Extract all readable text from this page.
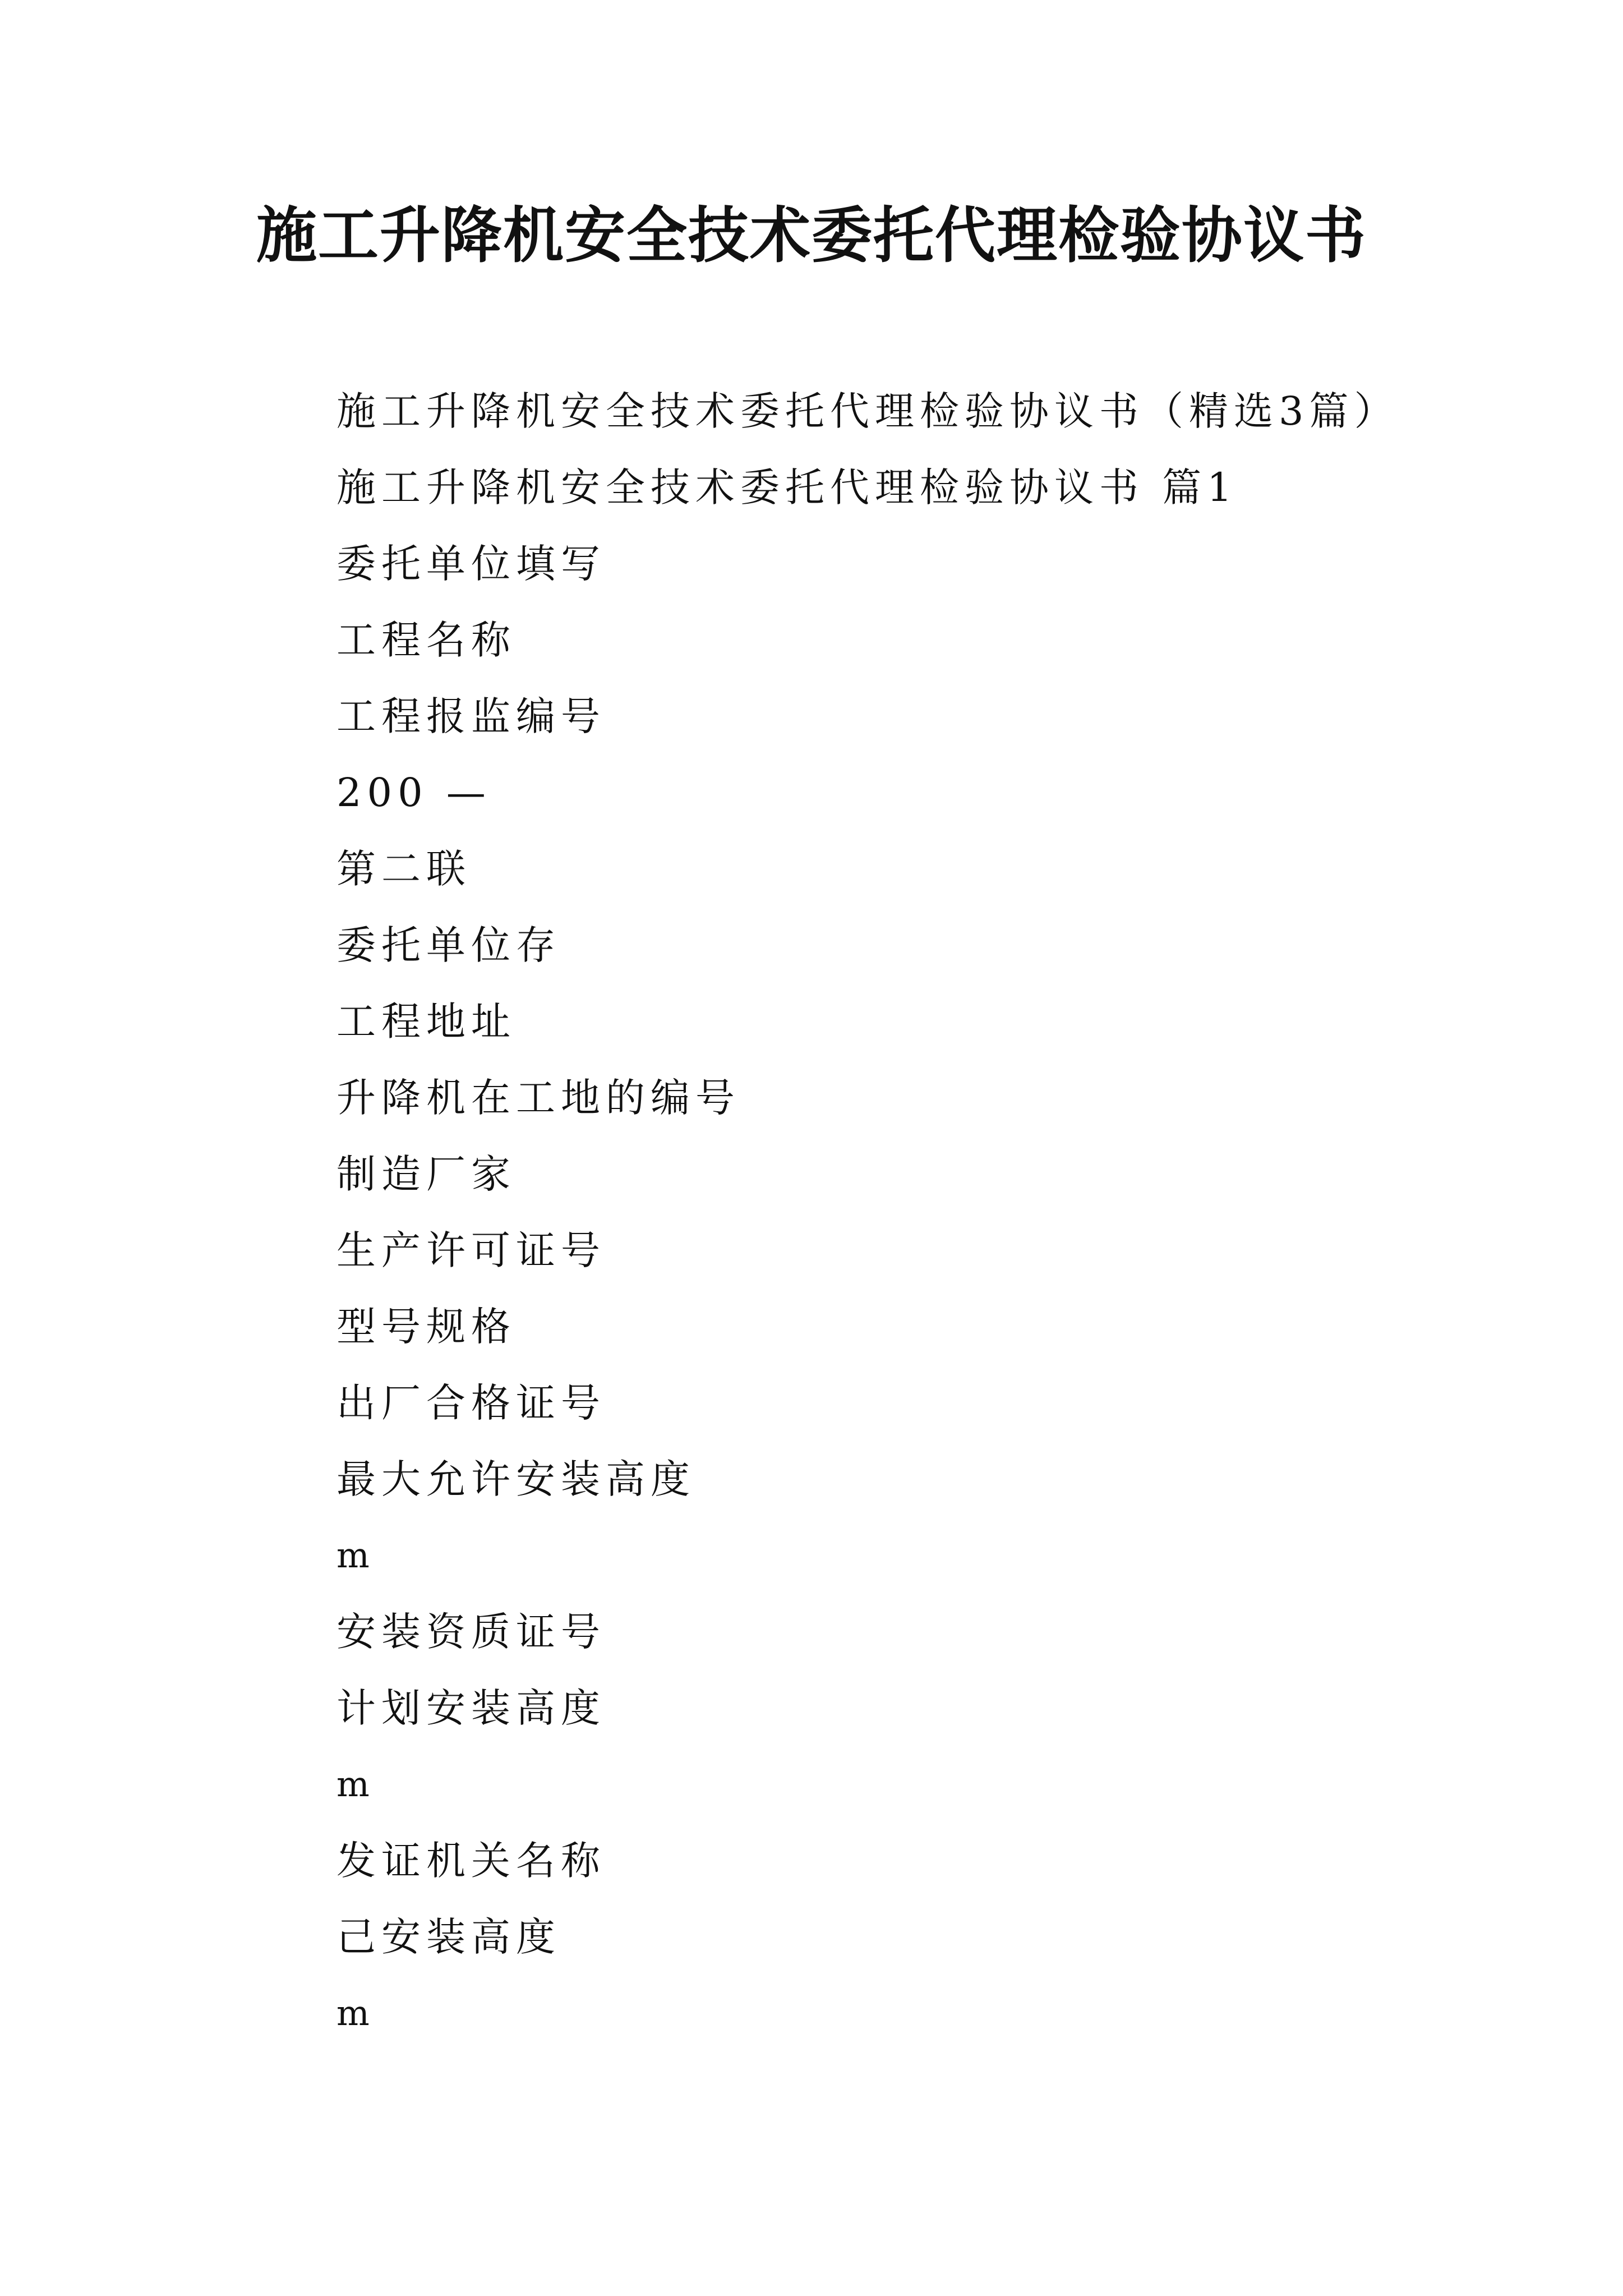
施工升降机安全技术委托代理检验协议书
施工升降机安全技术委托代理检验协议书（精选3篇）
施工升降机安全技术委托代理检验协议书 篇1
委托单位填写
工程名称
工程报监编号
200 —
第二联
委托单位存
工程地址
升降机在工地的编号
制造厂家
生产许可证号
型号规格
出厂合格证号
最大允许安装高度
m
安装资质证号
计划安装高度
m
发证机关名称
己安装高度
m
